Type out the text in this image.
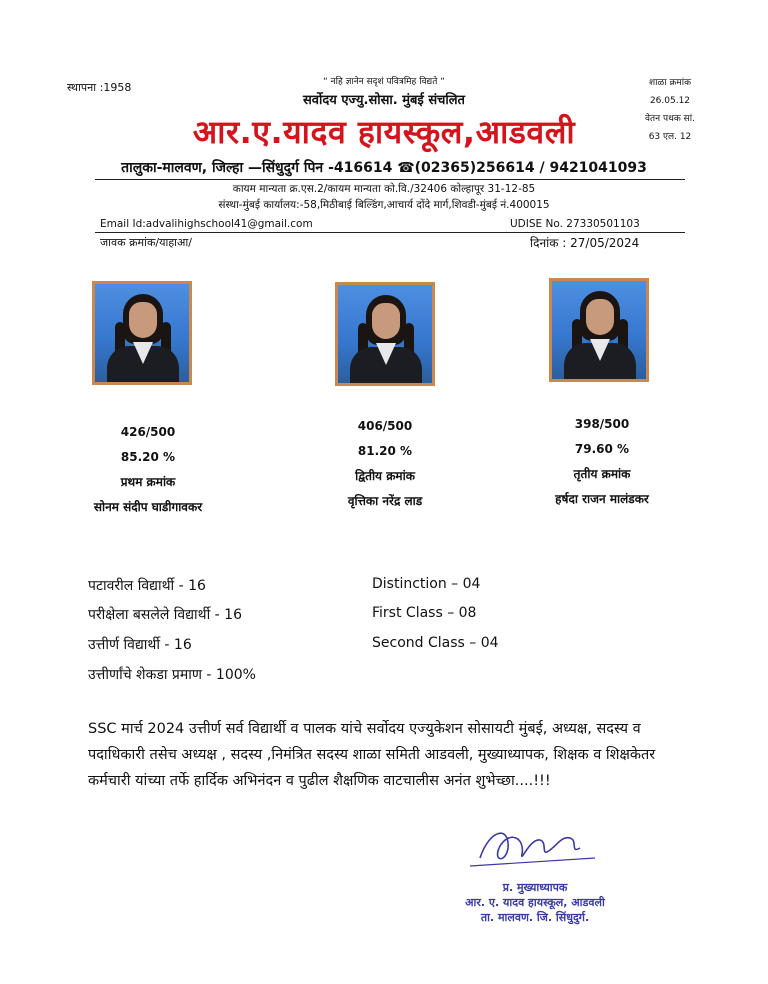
स्थापना :1958	“ नहि ज्ञानेन सदृशं पवित्रमिह विद्यते “
सर्वोदय एज्यु.सोसा. मुंबई संचलित
शाळा क्रमांक
26.05.12
वेतन पथक सां.
63 एल. 12
आर.ए.यादव हायस्कूल,आडवली
तालुका-मालवण, जिल्हा —सिंधुदुर्ग पिन -416614 ☎(02365)256614 / 9421041093
कायम मान्यता क्र.एस.2/कायम मान्यता को.वि./32406 कोल्हापूर 31-12-85
संस्था-मुंबई कार्यालय:-58,मिठीबाई बिल्डिंग,आचार्य दोंदे मार्ग,शिवडी-मुंबई नं.400015
Email Id:advalihighschool41@gmail.com	UDISE No. 27330501103
जावक क्रमांक/याहाआ/	दिनांक : 27/05/2024
426/500
85.20 %
प्रथम क्रमांक
सोनम संदीप घाडीगावकर
406/500
81.20 %
द्वितीय क्रमांक
वृत्तिका नरेंद्र लाड
398/500
79.60 %
तृतीय क्रमांक
हर्षदा राजन मालंडकर
पटावरील विद्यार्थी - 16
परीक्षेला बसलेले विद्यार्थी - 16
उत्तीर्ण विद्यार्थी - 16
उत्तीर्णांचे शेकडा प्रमाण - 100%
Distinction – 04
First Class – 08
Second Class – 04
SSC मार्च 2024 उत्तीर्ण सर्व विद्यार्थी व पालक यांचे सर्वोदय एज्युकेशन सोसायटी मुंबई, अध्यक्ष, सदस्य व पदाधिकारी तसेच अध्यक्ष , सदस्य ,निमंत्रित सदस्य शाळा समिती आडवली, मुख्याध्यापक, शिक्षक व शिक्षकेतर कर्मचारी यांच्या तर्फे हार्दिक अभिनंदन व पुढील शैक्षणिक वाटचालीस अनंत शुभेच्छा....!!!
प्र. मुख्याध्यापक
आर. ए. यादव हायस्कूल, आडवली
ता. मालवण. जि. सिंधुदुर्ग.
